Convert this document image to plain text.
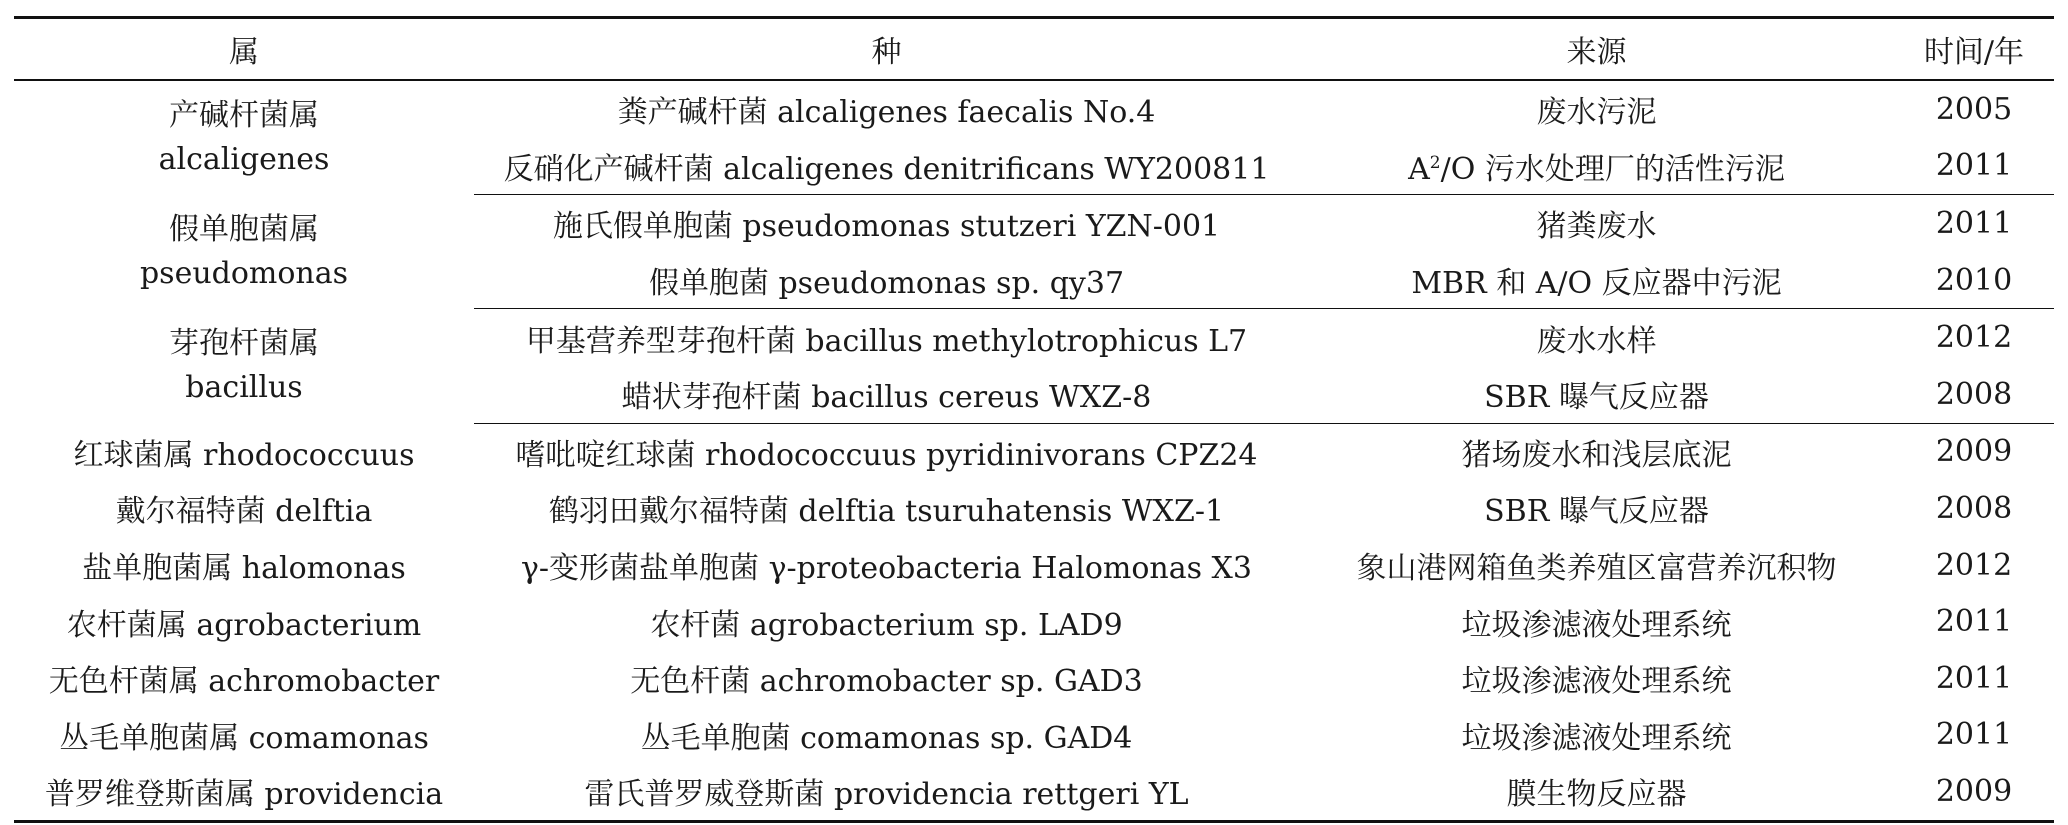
属	种	来源	时间/年

产碱杆菌属
alcaligenes	粪产碱杆菌 alcaligenes faecalis No.4	废水污泥	2005
	反硝化产碱杆菌 alcaligenes denitrificans WY200811	$A^2/O$ 污水处理厂的活性污泥	2011

假单胞菌属
pseudomonas	施氏假单胞菌 pseudomonas stutzeri YZN-001	猪粪废水	2011
	假单胞菌 pseudomonas sp. qy37	MBR 和 A/O 反应器中污泥	2010

芽孢杆菌属
bacillus	甲基营养型芽孢杆菌 bacillus methylotrophicus L7	废水水样	2012
	蜡状芽孢杆菌 bacillus cereus WXZ-8	SBR 曝气反应器	2008
红球菌属 rhodococcuus	嗜吡啶红球菌 rhodococcuus pyridinivorans CPZ24	猪场废水和浅层底泥	2009
戴尔福特菌 delftia	鹤羽田戴尔福特菌 delftia tsuruhatensis WXZ-1	SBR 曝气反应器	2008
盐单胞菌属 halomonas	γ-变形菌盐单胞菌 γ-proteobacteria Halomonas X3	象山港网箱鱼类养殖区富营养沉积物	2012
农杆菌属 agrobacterium	农杆菌 agrobacterium sp. LAD9	垃圾渗滤液处理系统	2011
无色杆菌属 achromobacter	无色杆菌 achromobacter sp. GAD3	垃圾渗滤液处理系统	2011
丛毛单胞菌属 comamonas	丛毛单胞菌 comamonas sp. GAD4	垃圾渗滤液处理系统	2011
普罗维登斯菌属 providencia	雷氏普罗威登斯菌 providencia rettgeri YL	膜生物反应器	2009
